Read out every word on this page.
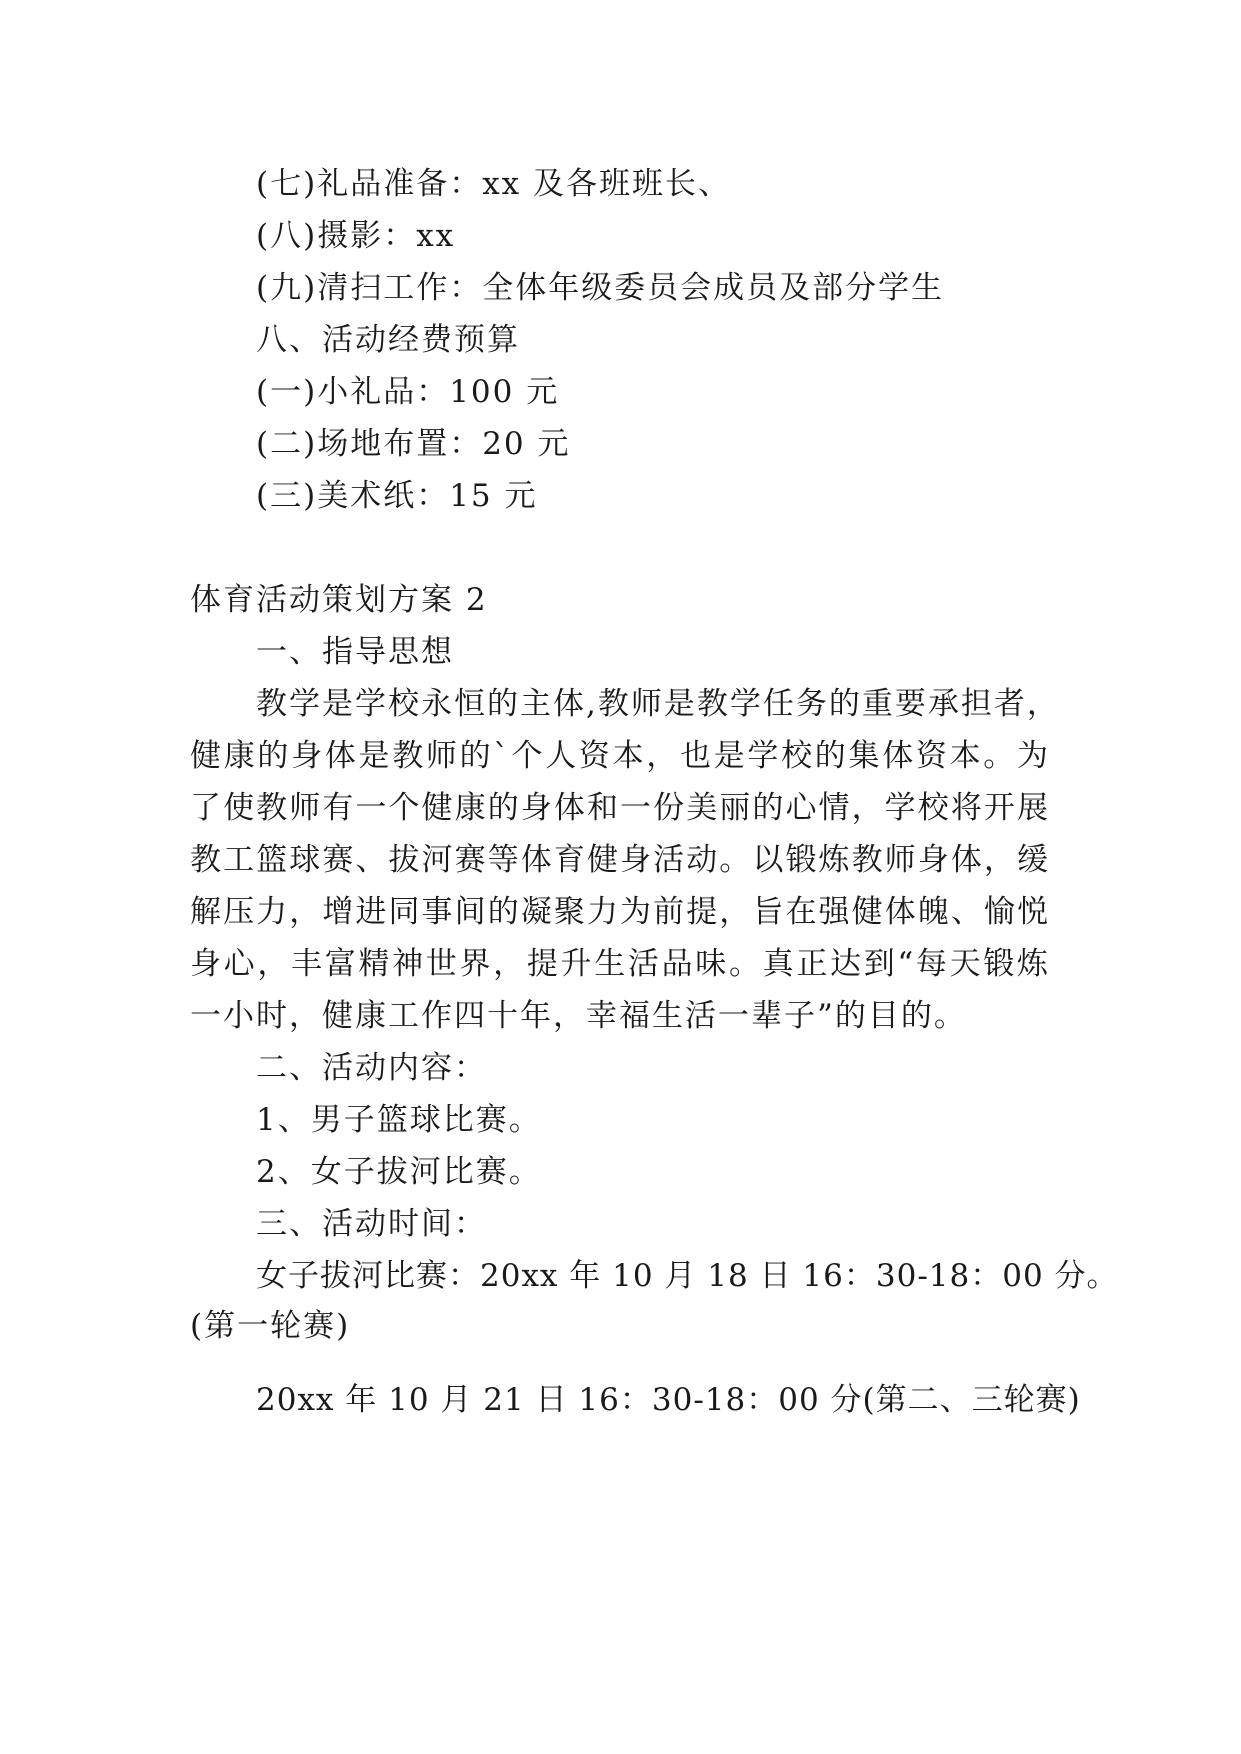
(七)礼品准备：xx 及各班班长、
(八)摄影：xx
(九)清扫工作：全体年级委员会成员及部分学生
八、活动经费预算
(一)小礼品：100 元
(二)场地布置：20 元
(三)美术纸：15 元
体育活动策划方案 2
一、指导思想
教学是学校永恒的主体,教师是教学任务的重要承担者，
健康的身体是教师的`个人资本，也是学校的集体资本。为
了使教师有一个健康的身体和一份美丽的心情，学校将开展
教工篮球赛、拔河赛等体育健身活动。以锻炼教师身体，缓
解压力，增进同事间的凝聚力为前提，旨在强健体魄、愉悦
身心，丰富精神世界，提升生活品味。真正达到“每天锻炼
一小时，健康工作四十年，幸福生活一辈子”的目的。
二、活动内容：
1、男子篮球比赛。
2、女子拔河比赛。
三、活动时间：
女子拔河比赛：20xx 年 10 月 18 日 16：30-18：00 分。
(第一轮赛)
20xx 年 10 月 21 日 16：30-18：00 分(第二、三轮赛)
